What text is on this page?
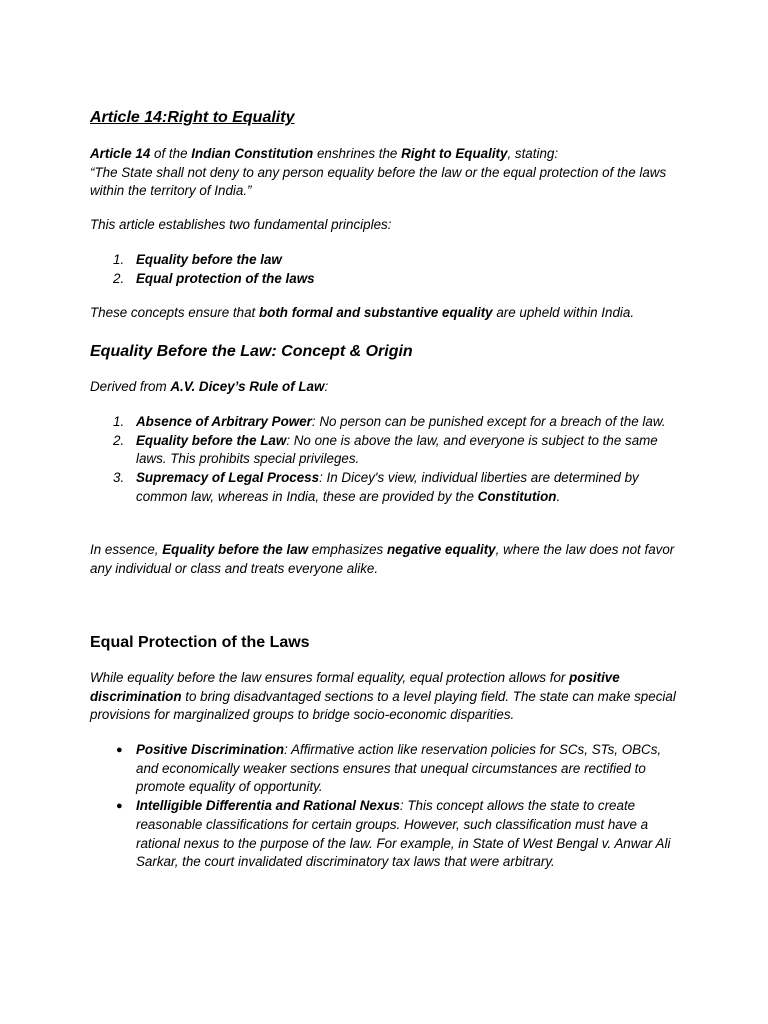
Article 14:Right to Equality

Article 14 of the Indian Constitution enshrines the Right to Equality, stating:
“The State shall not deny to any person equality before the law or the equal protection of the laws within the territory of India.”

This article establishes two fundamental principles:

1. Equality before the law
2. Equal protection of the laws

These concepts ensure that both formal and substantive equality are upheld within India.

Equality Before the Law: Concept & Origin

Derived from A.V. Dicey’s Rule of Law:

1. Absence of Arbitrary Power: No person can be punished except for a breach of the law.
2. Equality before the Law: No one is above the law, and everyone is subject to the same laws. This prohibits special privileges.
3. Supremacy of Legal Process: In Dicey's view, individual liberties are determined by common law, whereas in India, these are provided by the Constitution.

In essence, Equality before the law emphasizes negative equality, where the law does not favor any individual or class and treats everyone alike.

Equal Protection of the Laws

While equality before the law ensures formal equality, equal protection allows for positive discrimination to bring disadvantaged sections to a level playing field. The state can make special provisions for marginalized groups to bridge socio-economic disparities.

● Positive Discrimination: Affirmative action like reservation policies for SCs, STs, OBCs, and economically weaker sections ensures that unequal circumstances are rectified to promote equality of opportunity.
● Intelligible Differentia and Rational Nexus: This concept allows the state to create reasonable classifications for certain groups. However, such classification must have a rational nexus to the purpose of the law. For example, in State of West Bengal v. Anwar Ali Sarkar, the court invalidated discriminatory tax laws that were arbitrary.
